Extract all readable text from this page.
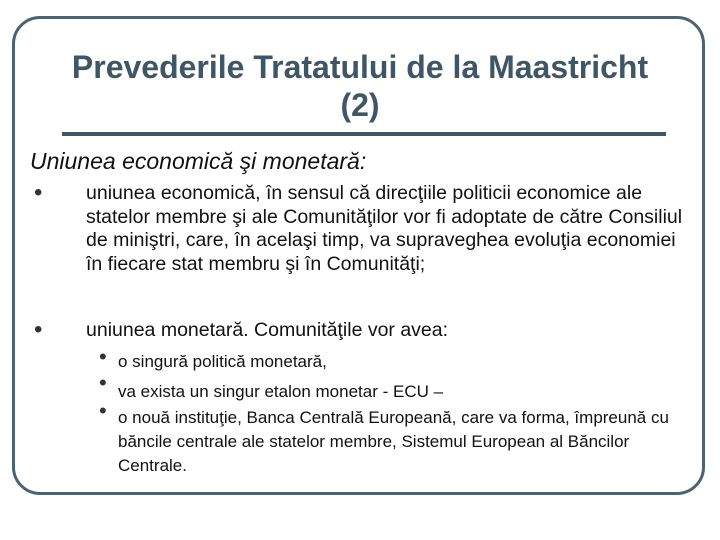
Prevederile Tratatului de la Maastricht (2)
Uniunea economică şi monetară:
• uniunea economică, în sensul că direcţiile politicii economice ale statelor membre şi ale Comunităţilor vor fi adoptate de către Consiliul de miniştri, care, în acelaşi timp, va supraveghea evoluţia economiei în fiecare stat membru şi în Comunităţi;
• uniunea monetară. Comunităţile vor avea:
• o singură politică monetară,
• va exista un singur etalon monetar - ECU –
• o nouă instituţie, Banca Centrală Europeană, care va forma, împreună cu băncile centrale ale statelor membre, Sistemul European al Băncilor Centrale.
